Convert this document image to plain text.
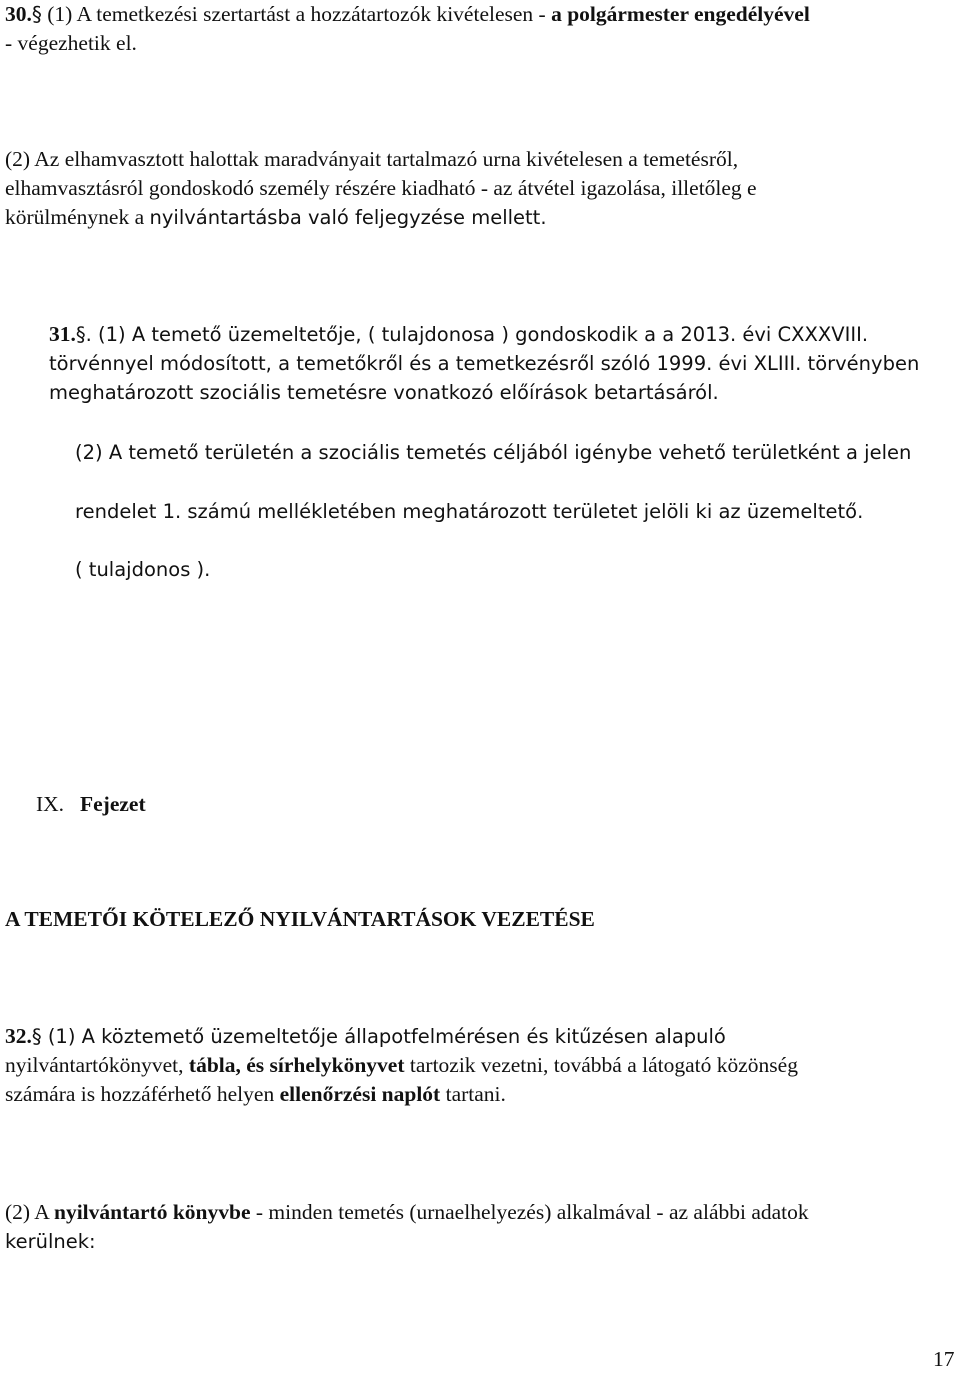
30.§ (1) A temetkezési szertartást a hozzátartozók kivételesen - a polgármester engedélyével
- végezhetik el.
(2) Az elhamvasztott halottak maradványait tartalmazó urna kivételesen a temetésről,
elhamvasztásról gondoskodó személy részére kiadható - az átvétel igazolása, illetőleg e
körülménynek a nyilvántartásba való feljegyzése mellett.
31.§. (1) A temető üzemeltetője, ( tulajdonosa ) gondoskodik a a 2013. évi CXXXVIII.
törvénnyel módosított, a temetőkről és a temetkezésről szóló 1999. évi XLIII. törvényben
meghatározott szociális temetésre vonatkozó előírások betartásáról.
(2) A temető területén a szociális temetés céljából igénybe vehető területként a jelen
rendelet 1. számú mellékletében meghatározott területet jelöli ki az üzemeltető.
( tulajdonos ).
IX. Fejezet
A TEMETŐI KÖTELEZŐ NYILVÁNTARTÁSOK VEZETÉSE
32.§ (1) A köztemető üzemeltetője állapotfelmérésen és kitűzésen alapuló
nyilvántartókönyvet, tábla, és sírhelykönyvet tartozik vezetni, továbbá a látogató közönség
számára is hozzáférhető helyen ellenőrzési naplót tartani.
(2) A nyilvántartó könyvbe - minden temetés (urnaelhelyezés) alkalmával - az alábbi adatok
kerülnek:
17
